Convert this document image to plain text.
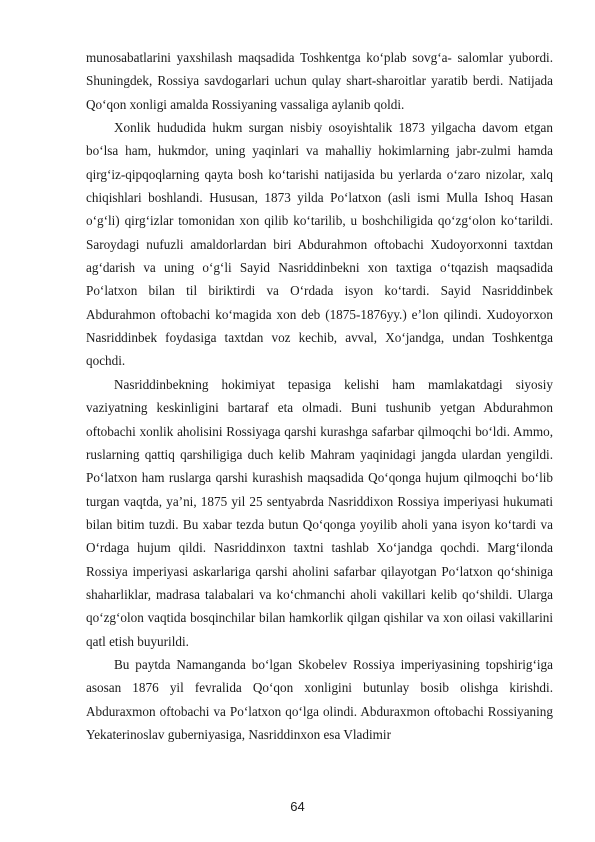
munosabatlarini yaxshilash maqsadida Toshkentga ko‘plab sovg‘a- salomlar yubordi. Shuningdek, Rossiya savdogarlari uchun qulay shart-sharoitlar yaratib berdi. Natijada Qo‘qon xonligi amalda Rossiyaning vassaliga aylanib qoldi.

Xonlik hududida hukm surgan nisbiy osoyishtalik 1873 yilgacha davom etgan bo‘lsa ham, hukmdor, uning yaqinlari va mahalliy hokimlarning jabr-zulmi hamda qirg‘iz-qipqoqlarning qayta bosh ko‘tarishi natijasida bu yerlarda o‘zaro nizolar, xalq chiqishlari boshlandi. Hususan, 1873 yilda Po‘latxon (asli ismi Mulla Ishoq Hasan o‘g‘li) qirg‘izlar tomonidan xon qilib ko‘tarilib, u boshchiligida qo‘zg‘olon ko‘tarildi. Saroydagi nufuzli amaldorlardan biri Abdurahmon oftobachi Xudoyorxonni taxtdan ag‘darish va uning o‘g‘li Sayid Nasriddinbekni xon taxtiga o‘tqazish maqsadida Po‘latxon bilan til biriktirdi va O‘rdada isyon ko‘tardi. Sayid Nasriddinbek Abdurahmon oftobachi ko‘magida xon deb (1875-1876yy.) e’lon qilindi. Xudoyorxon Nasriddinbek foydasiga taxtdan voz kechib, avval, Xo‘jandga, undan Toshkentga qochdi.

Nasriddinbekning hokimiyat tepasiga kelishi ham mamlakatdagi siyosiy vaziyatning keskinligini bartaraf eta olmadi. Buni tushunib yetgan Abdurahmon oftobachi xonlik aholisini Rossiyaga qarshi kurashga safarbar qilmoqchi bo‘ldi. Ammo, ruslarning qattiq qarshiligiga duch kelib Mahram yaqinidagi jangda ulardan yengildi. Po‘latxon ham ruslarga qarshi kurashish maqsadida Qo‘qonga hujum qilmoqchi bo‘lib turgan vaqtda, ya’ni, 1875 yil 25 sentyabrda Nasriddixon Rossiya imperiyasi hukumati bilan bitim tuzdi. Bu xabar tezda butun Qo‘qonga yoyilib aholi yana isyon ko‘tardi va O‘rdaga hujum qildi. Nasriddinxon taxtni tashlab Xo‘jandga qochdi. Marg‘ilonda Rossiya imperiyasi askarlariga qarshi aholini safarbar qilayotgan Po‘latxon qo‘shiniga shaharliklar, madrasa talabalari va ko‘chmanchi aholi vakillari kelib qo‘shildi. Ularga qo‘zg‘olon vaqtida bosqinchilar bilan hamkorlik qilgan qishilar va xon oilasi vakillarini qatl etish buyurildi.

Bu paytda Namanganda bo‘lgan Skobelev Rossiya imperiyasining topshirig‘iga asosan 1876 yil fevralida Qo‘qon xonligini butunlay bosib olishga kirishdi. Abduraxmon oftobachi va Po‘latxon qo‘lga olindi. Abduraxmon oftobachi Rossiyaning Yekaterinoslav guberniyasiga, Nasriddinxon esa Vladimir

64
